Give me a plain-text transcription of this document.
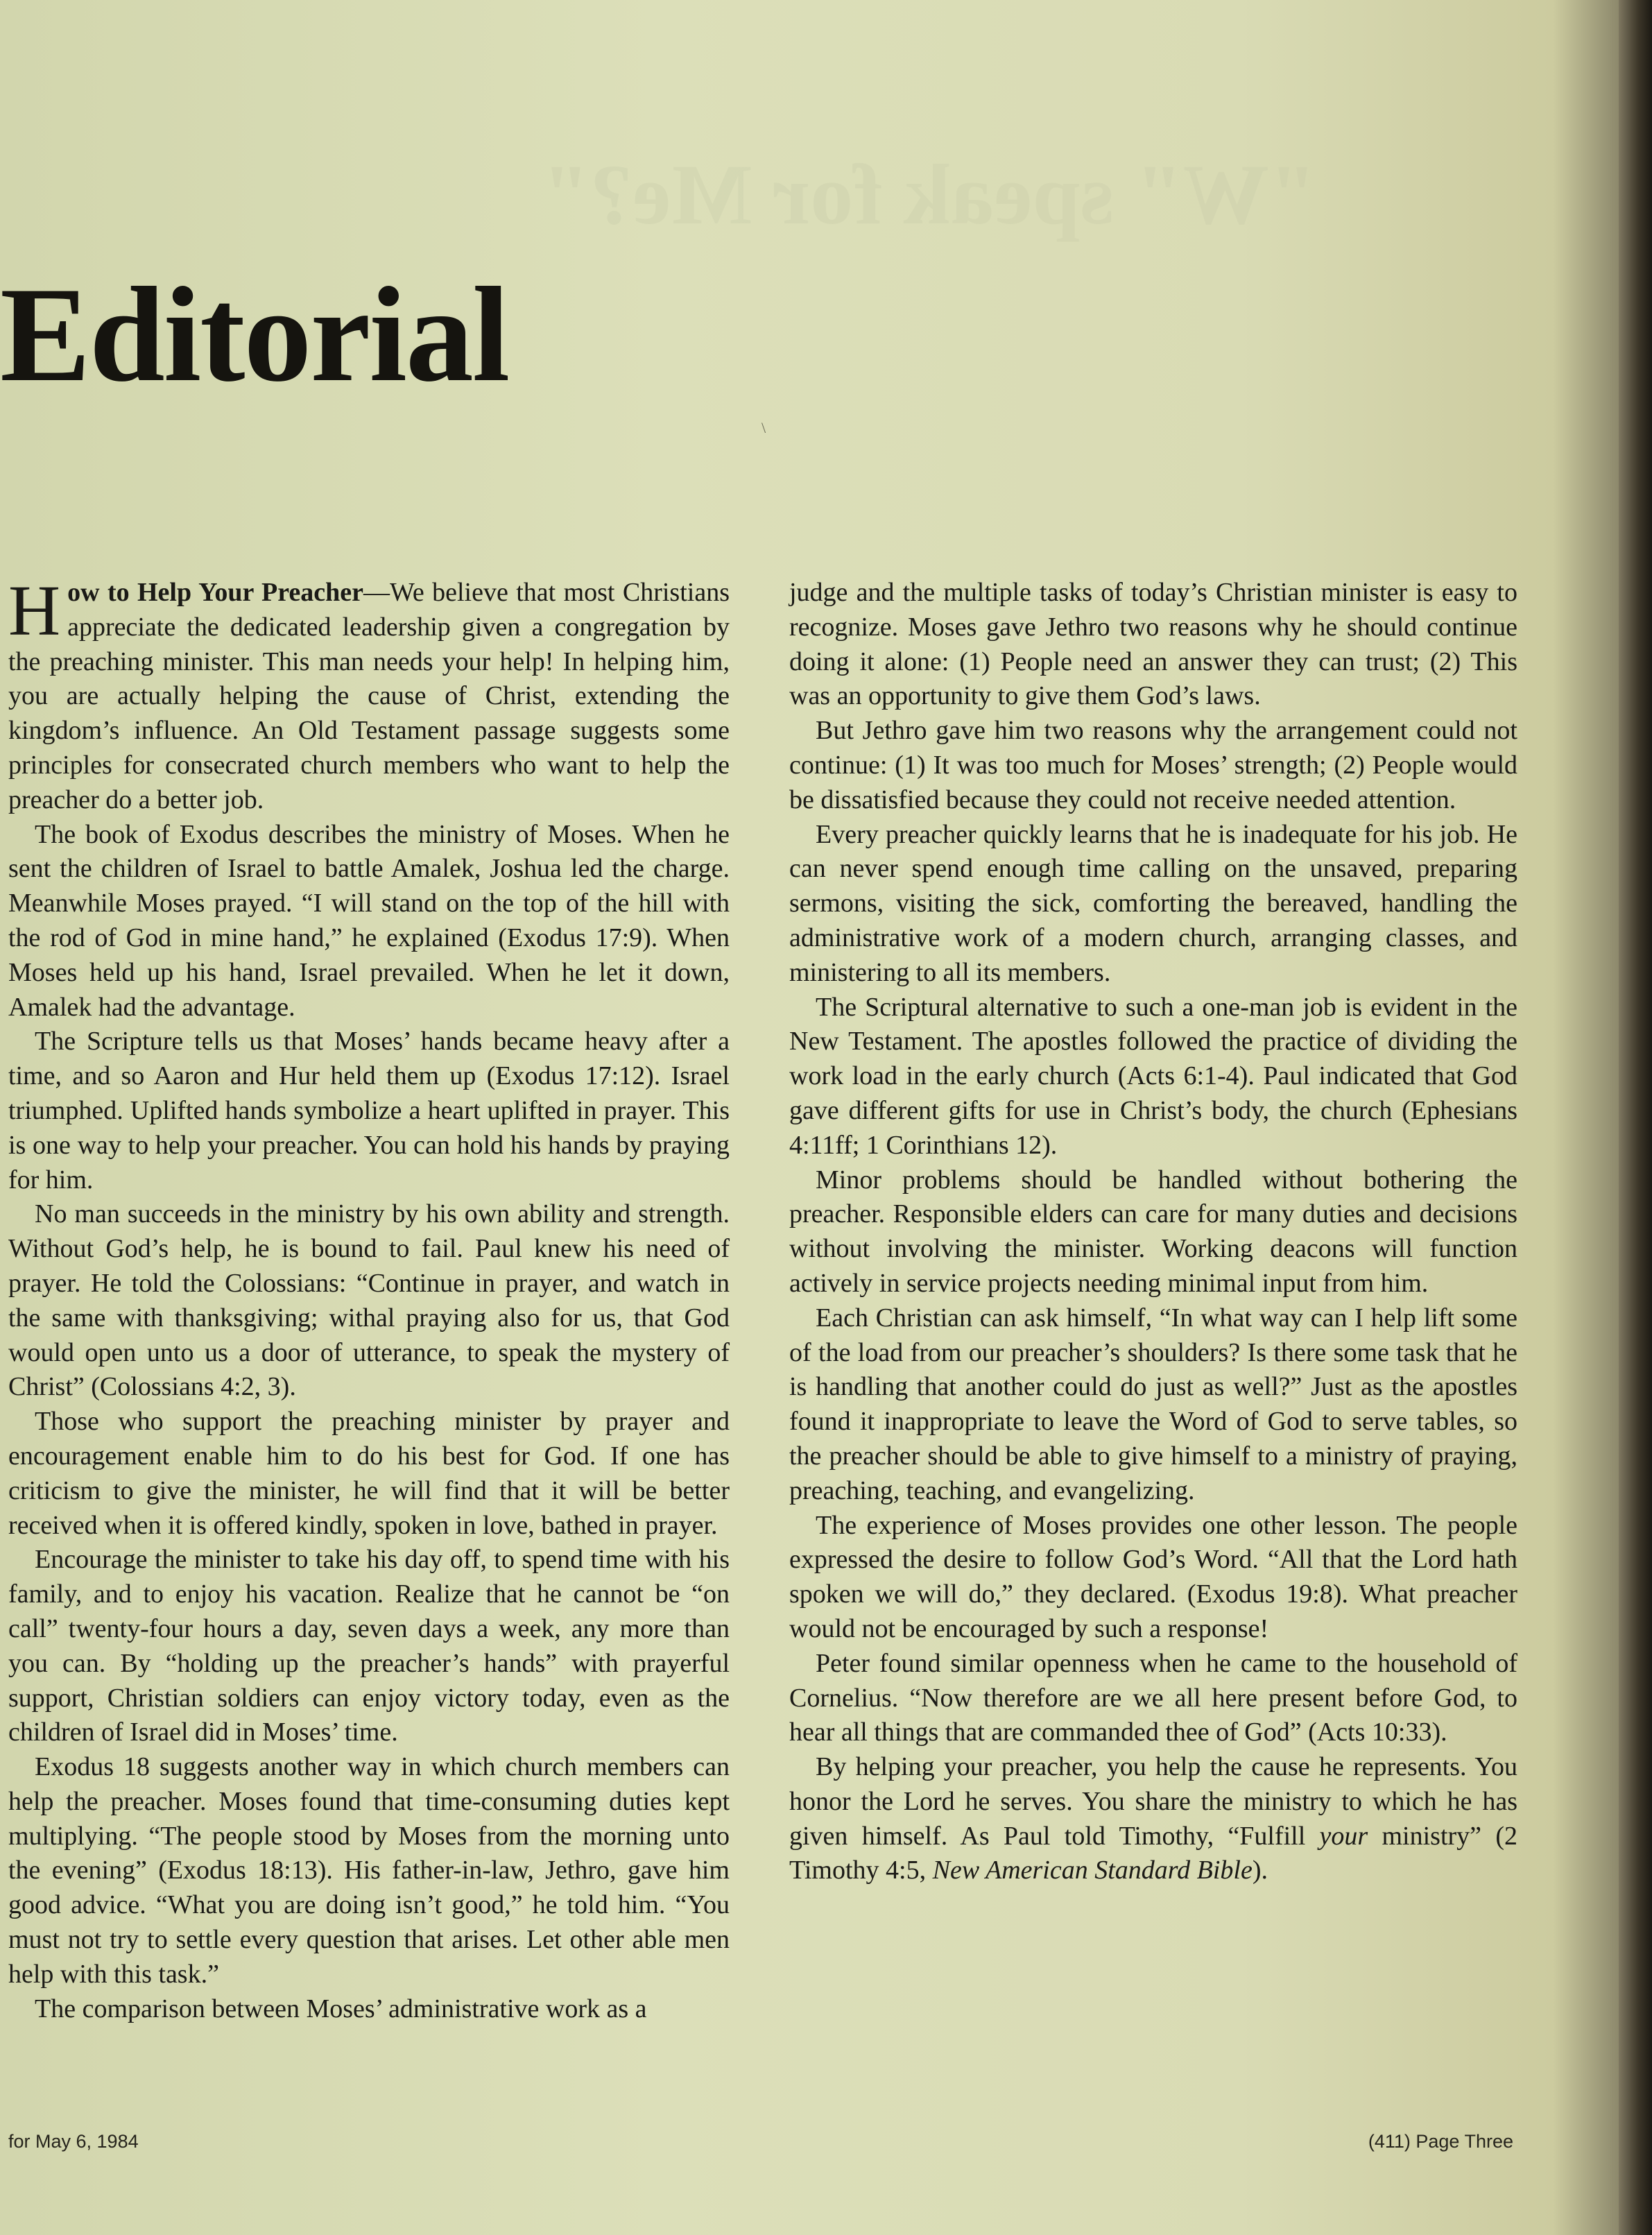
"W" speak for Me?"
Editorial
\

How to Help Your Preacher—We believe that most Christians appreciate the dedicated leadership given a congregation by the preaching minister. This man needs your help! In helping him, you are actually helping the cause of Christ, extending the kingdom’s influence. An Old Testament passage suggests some principles for consecrated church members who want to help the preacher do a better job.

The book of Exodus describes the ministry of Moses. When he sent the children of Israel to battle Amalek, Joshua led the charge. Meanwhile Moses prayed. “I will stand on the top of the hill with the rod of God in mine hand,” he explained (Exodus 17:9). When Moses held up his hand, Israel prevailed. When he let it down, Amalek had the advantage.

The Scripture tells us that Moses’ hands became heavy after a time, and so Aaron and Hur held them up (Exodus 17:12). Israel triumphed. Uplifted hands symbolize a heart uplifted in prayer. This is one way to help your preacher. You can hold his hands by praying for him.

No man succeeds in the ministry by his own ability and strength. Without God’s help, he is bound to fail. Paul knew his need of prayer. He told the Colossians: “Continue in prayer, and watch in the same with thanksgiving; withal praying also for us, that God would open unto us a door of utterance, to speak the mystery of Christ” (Colossians 4:2, 3).

Those who support the preaching minister by prayer and encouragement enable him to do his best for God. If one has criticism to give the minister, he will find that it will be better received when it is offered kindly, spoken in love, bathed in prayer.

Encourage the minister to take his day off, to spend time with his family, and to enjoy his vacation. Realize that he cannot be “on call” twenty-four hours a day, seven days a week, any more than you can. By “holding up the preacher’s hands” with prayerful support, Christian soldiers can enjoy victory today, even as the children of Israel did in Moses’ time.

Exodus 18 suggests another way in which church members can help the preacher. Moses found that time-consuming duties kept multiplying. “The people stood by Moses from the morning unto the evening” (Exodus 18:13). His father-in-law, Jethro, gave him good advice. “What you are doing isn’t good,” he told him. “You must not try to settle every question that arises. Let other able men help with this task.”

The comparison between Moses’ administrative work as a

judge and the multiple tasks of today’s Christian minister is easy to recognize. Moses gave Jethro two reasons why he should continue doing it alone: (1) People need an answer they can trust; (2) This was an opportunity to give them God’s laws.

But Jethro gave him two reasons why the arrangement could not continue: (1) It was too much for Moses’ strength; (2) People would be dissatisfied because they could not receive needed attention.

Every preacher quickly learns that he is inadequate for his job. He can never spend enough time calling on the unsaved, preparing sermons, visiting the sick, comforting the bereaved, handling the administrative work of a modern church, arranging classes, and ministering to all its members.

The Scriptural alternative to such a one-man job is evident in the New Testament. The apostles followed the practice of dividing the work load in the early church (Acts 6:1-4). Paul indicated that God gave different gifts for use in Christ’s body, the church (Ephesians 4:11ff; 1 Corinthians 12).

Minor problems should be handled without bothering the preacher. Responsible elders can care for many duties and decisions without involving the minister. Working deacons will function actively in service projects needing minimal input from him.

Each Christian can ask himself, “In what way can I help lift some of the load from our preacher’s shoulders? Is there some task that he is handling that another could do just as well?” Just as the apostles found it inappropriate to leave the Word of God to serve tables, so the preacher should be able to give himself to a ministry of praying, preaching, teaching, and evangelizing.

The experience of Moses provides one other lesson. The people expressed the desire to follow God’s Word. “All that the Lord hath spoken we will do,” they declared. (Exodus 19:8). What preacher would not be encouraged by such a response!

Peter found similar openness when he came to the household of Cornelius. “Now therefore are we all here present before God, to hear all things that are commanded thee of God” (Acts 10:33).

By helping your preacher, you help the cause he represents. You honor the Lord he serves. You share the ministry to which he has given himself. As Paul told Timothy, “Fulfill your ministry” (2 Timothy 4:5, New American Standard Bible).

for May 6, 1984	(411) Page Three
